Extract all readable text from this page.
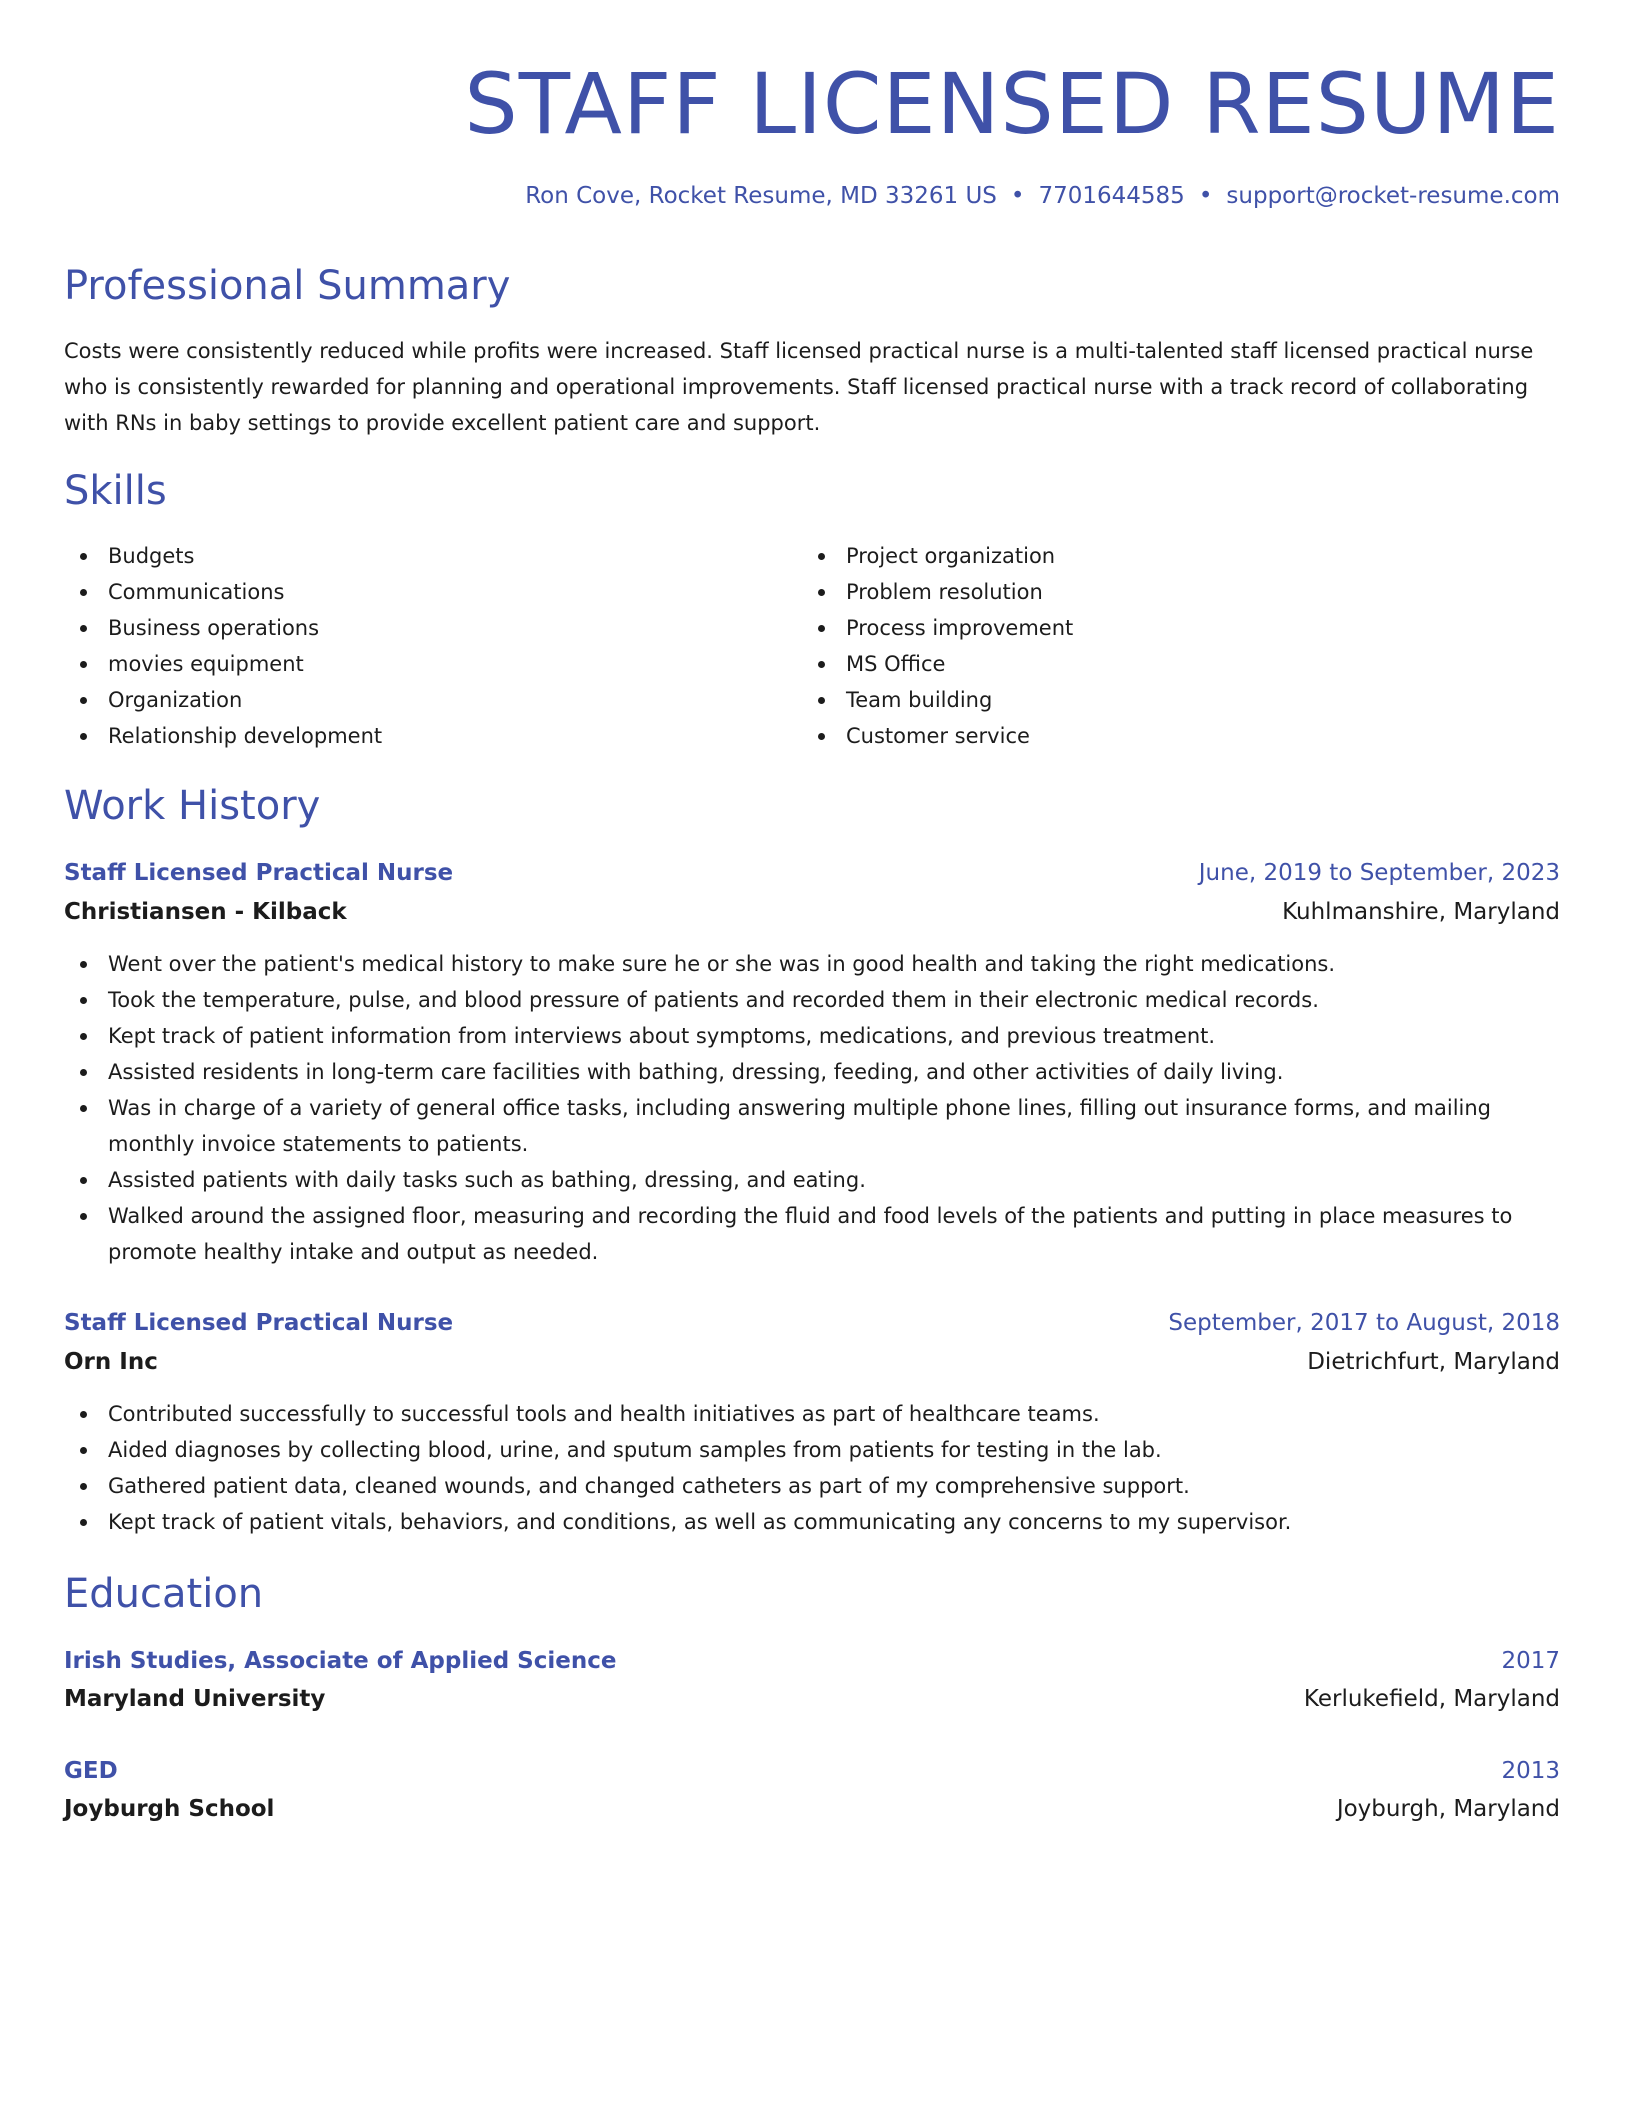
STAFF LICENSED RESUME
Ron Cove, Rocket Resume, MD 33261 US • 7701644585 • support@rocket-resume.com
Professional Summary

Costs were consistently reduced while profits were increased. Staff licensed practical nurse is a multi-talented staff licensed practical nurse who is consistently rewarded for planning and operational improvements. Staff licensed practical nurse with a track record of collaborating with RNs in baby settings to provide excellent patient care and support.

Skills
Budgets
Communications
Business operations
movies equipment
Organization
Relationship development
Project organization
Problem resolution
Process improvement
MS Office
Team building
Customer service
Work History
Staff Licensed Practical Nurse	June, 2019 to September, 2023
Christiansen - Kilback	Kuhlmanshire, Maryland
Went over the patient's medical history to make sure he or she was in good health and taking the right medications.
Took the temperature, pulse, and blood pressure of patients and recorded them in their electronic medical records.
Kept track of patient information from interviews about symptoms, medications, and previous treatment.
Assisted residents in long-term care facilities with bathing, dressing, feeding, and other activities of daily living.
Was in charge of a variety of general office tasks, including answering multiple phone lines, filling out insurance forms, and mailing monthly invoice statements to patients.
Assisted patients with daily tasks such as bathing, dressing, and eating.
Walked around the assigned floor, measuring and recording the fluid and food levels of the patients and putting in place measures to promote healthy intake and output as needed.
Staff Licensed Practical Nurse	September, 2017 to August, 2018
Orn Inc	Dietrichfurt, Maryland
Contributed successfully to successful tools and health initiatives as part of healthcare teams.
Aided diagnoses by collecting blood, urine, and sputum samples from patients for testing in the lab.
Gathered patient data, cleaned wounds, and changed catheters as part of my comprehensive support.
Kept track of patient vitals, behaviors, and conditions, as well as communicating any concerns to my supervisor.
Education
Irish Studies, Associate of Applied Science	2017
Maryland University	Kerlukefield, Maryland
GED	2013
Joyburgh School	Joyburgh, Maryland
